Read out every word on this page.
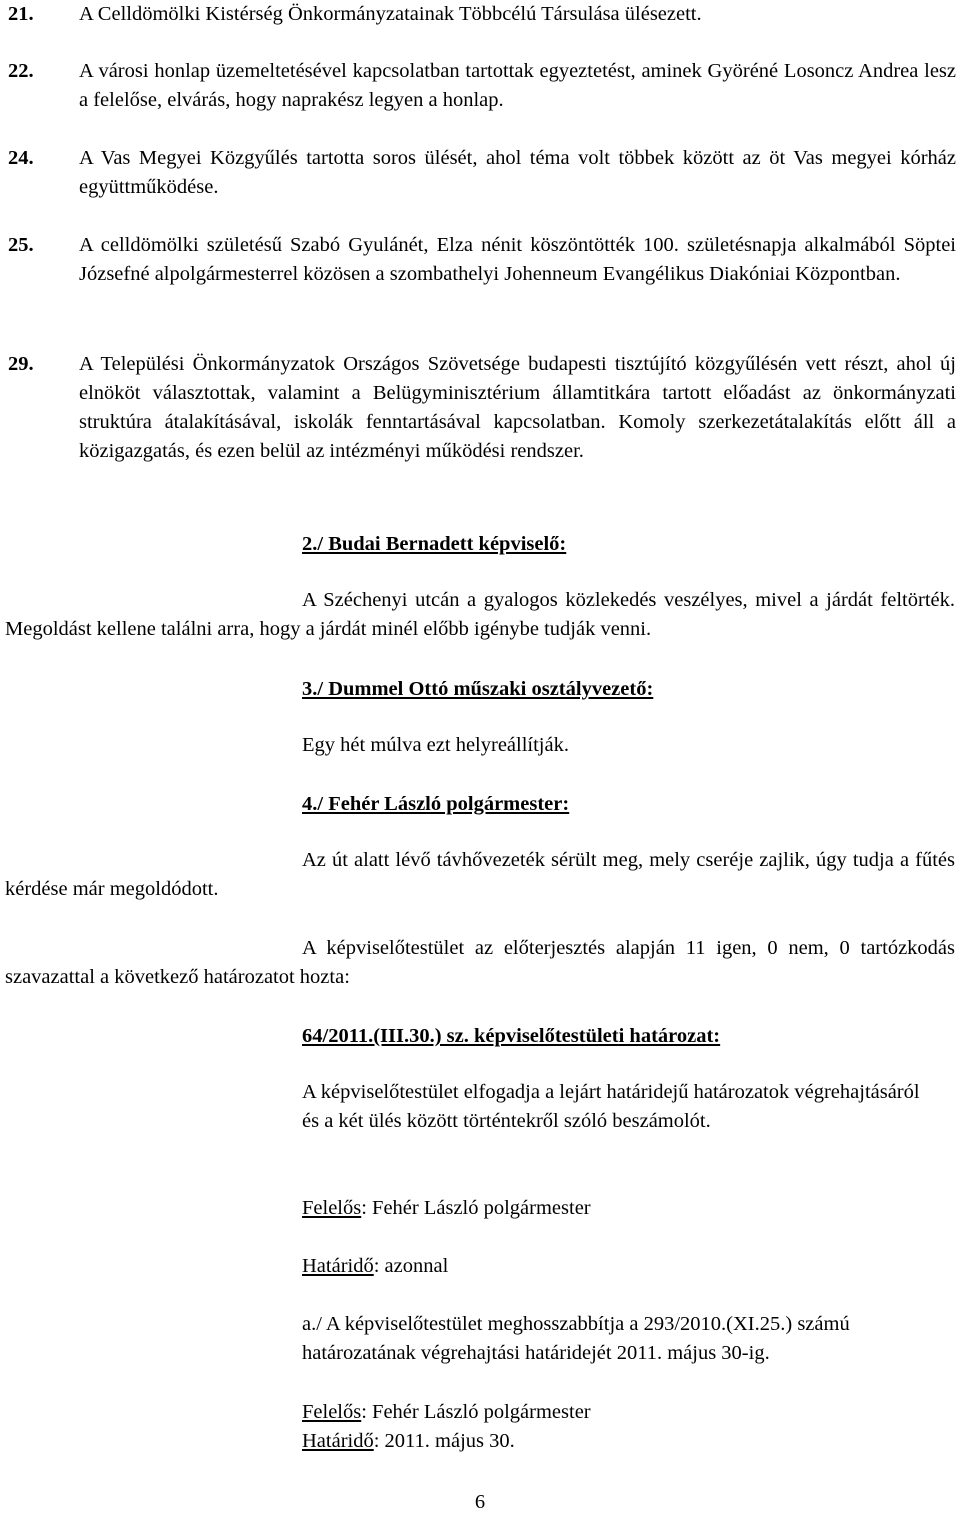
21. A Celldömölki Kistérség Önkormányzatainak Többcélú Társulása ülésezett.
22. A városi honlap üzemeltetésével kapcsolatban tartottak egyeztetést, aminek Györéné Losoncz Andrea lesz a felelőse, elvárás, hogy naprakész legyen a honlap.
24. A Vas Megyei Közgyűlés tartotta soros ülését, ahol téma volt többek között az öt Vas megyei kórház együttműködése.
25. A celldömölki születésű Szabó Gyulánét, Elza nénit köszöntötték 100. születésnapja alkalmából Söptei Józsefné alpolgármesterrel közösen a szombathelyi Johenneum Evangélikus Diakóniai Központban.
29. A Települési Önkormányzatok Országos Szövetsége budapesti tisztújító közgyűlésén vett részt, ahol új elnököt választottak, valamint a Belügyminisztérium államtitkára tartott előadást az önkormányzati struktúra átalakításával, iskolák fenntartásával kapcsolatban. Komoly szerkezetátalakítás előtt áll a közigazgatás, és ezen belül az intézményi működési rendszer.
2./ Budai Bernadett képviselő:
A Széchenyi utcán a gyalogos közlekedés veszélyes, mivel a járdát feltörték. Megoldást kellene találni arra, hogy a járdát minél előbb igénybe tudják venni.
3./ Dummel Ottó műszaki osztályvezető:
Egy hét múlva ezt helyreállítják.
4./ Fehér László polgármester:
Az út alatt lévő távhővezeték sérült meg, mely cseréje zajlik, úgy tudja a fűtés kérdése már megoldódott.
A képviselőtestület az előterjesztés alapján 11 igen, 0 nem, 0 tartózkodás szavazattal a következő határozatot hozta:
64/2011.(III.30.) sz. képviselőtestületi határozat:
A képviselőtestület elfogadja a lejárt határidejű határozatok végrehajtásáról és a két ülés között történtekről szóló beszámolót.
Felelős: Fehér László polgármester
Határidő: azonnal
a./ A képviselőtestület meghosszabbítja a 293/2010.(XI.25.) számú határozatának végrehajtási határidejét 2011. május 30-ig.
Felelős: Fehér László polgármester
Határidő: 2011. május 30.
6
